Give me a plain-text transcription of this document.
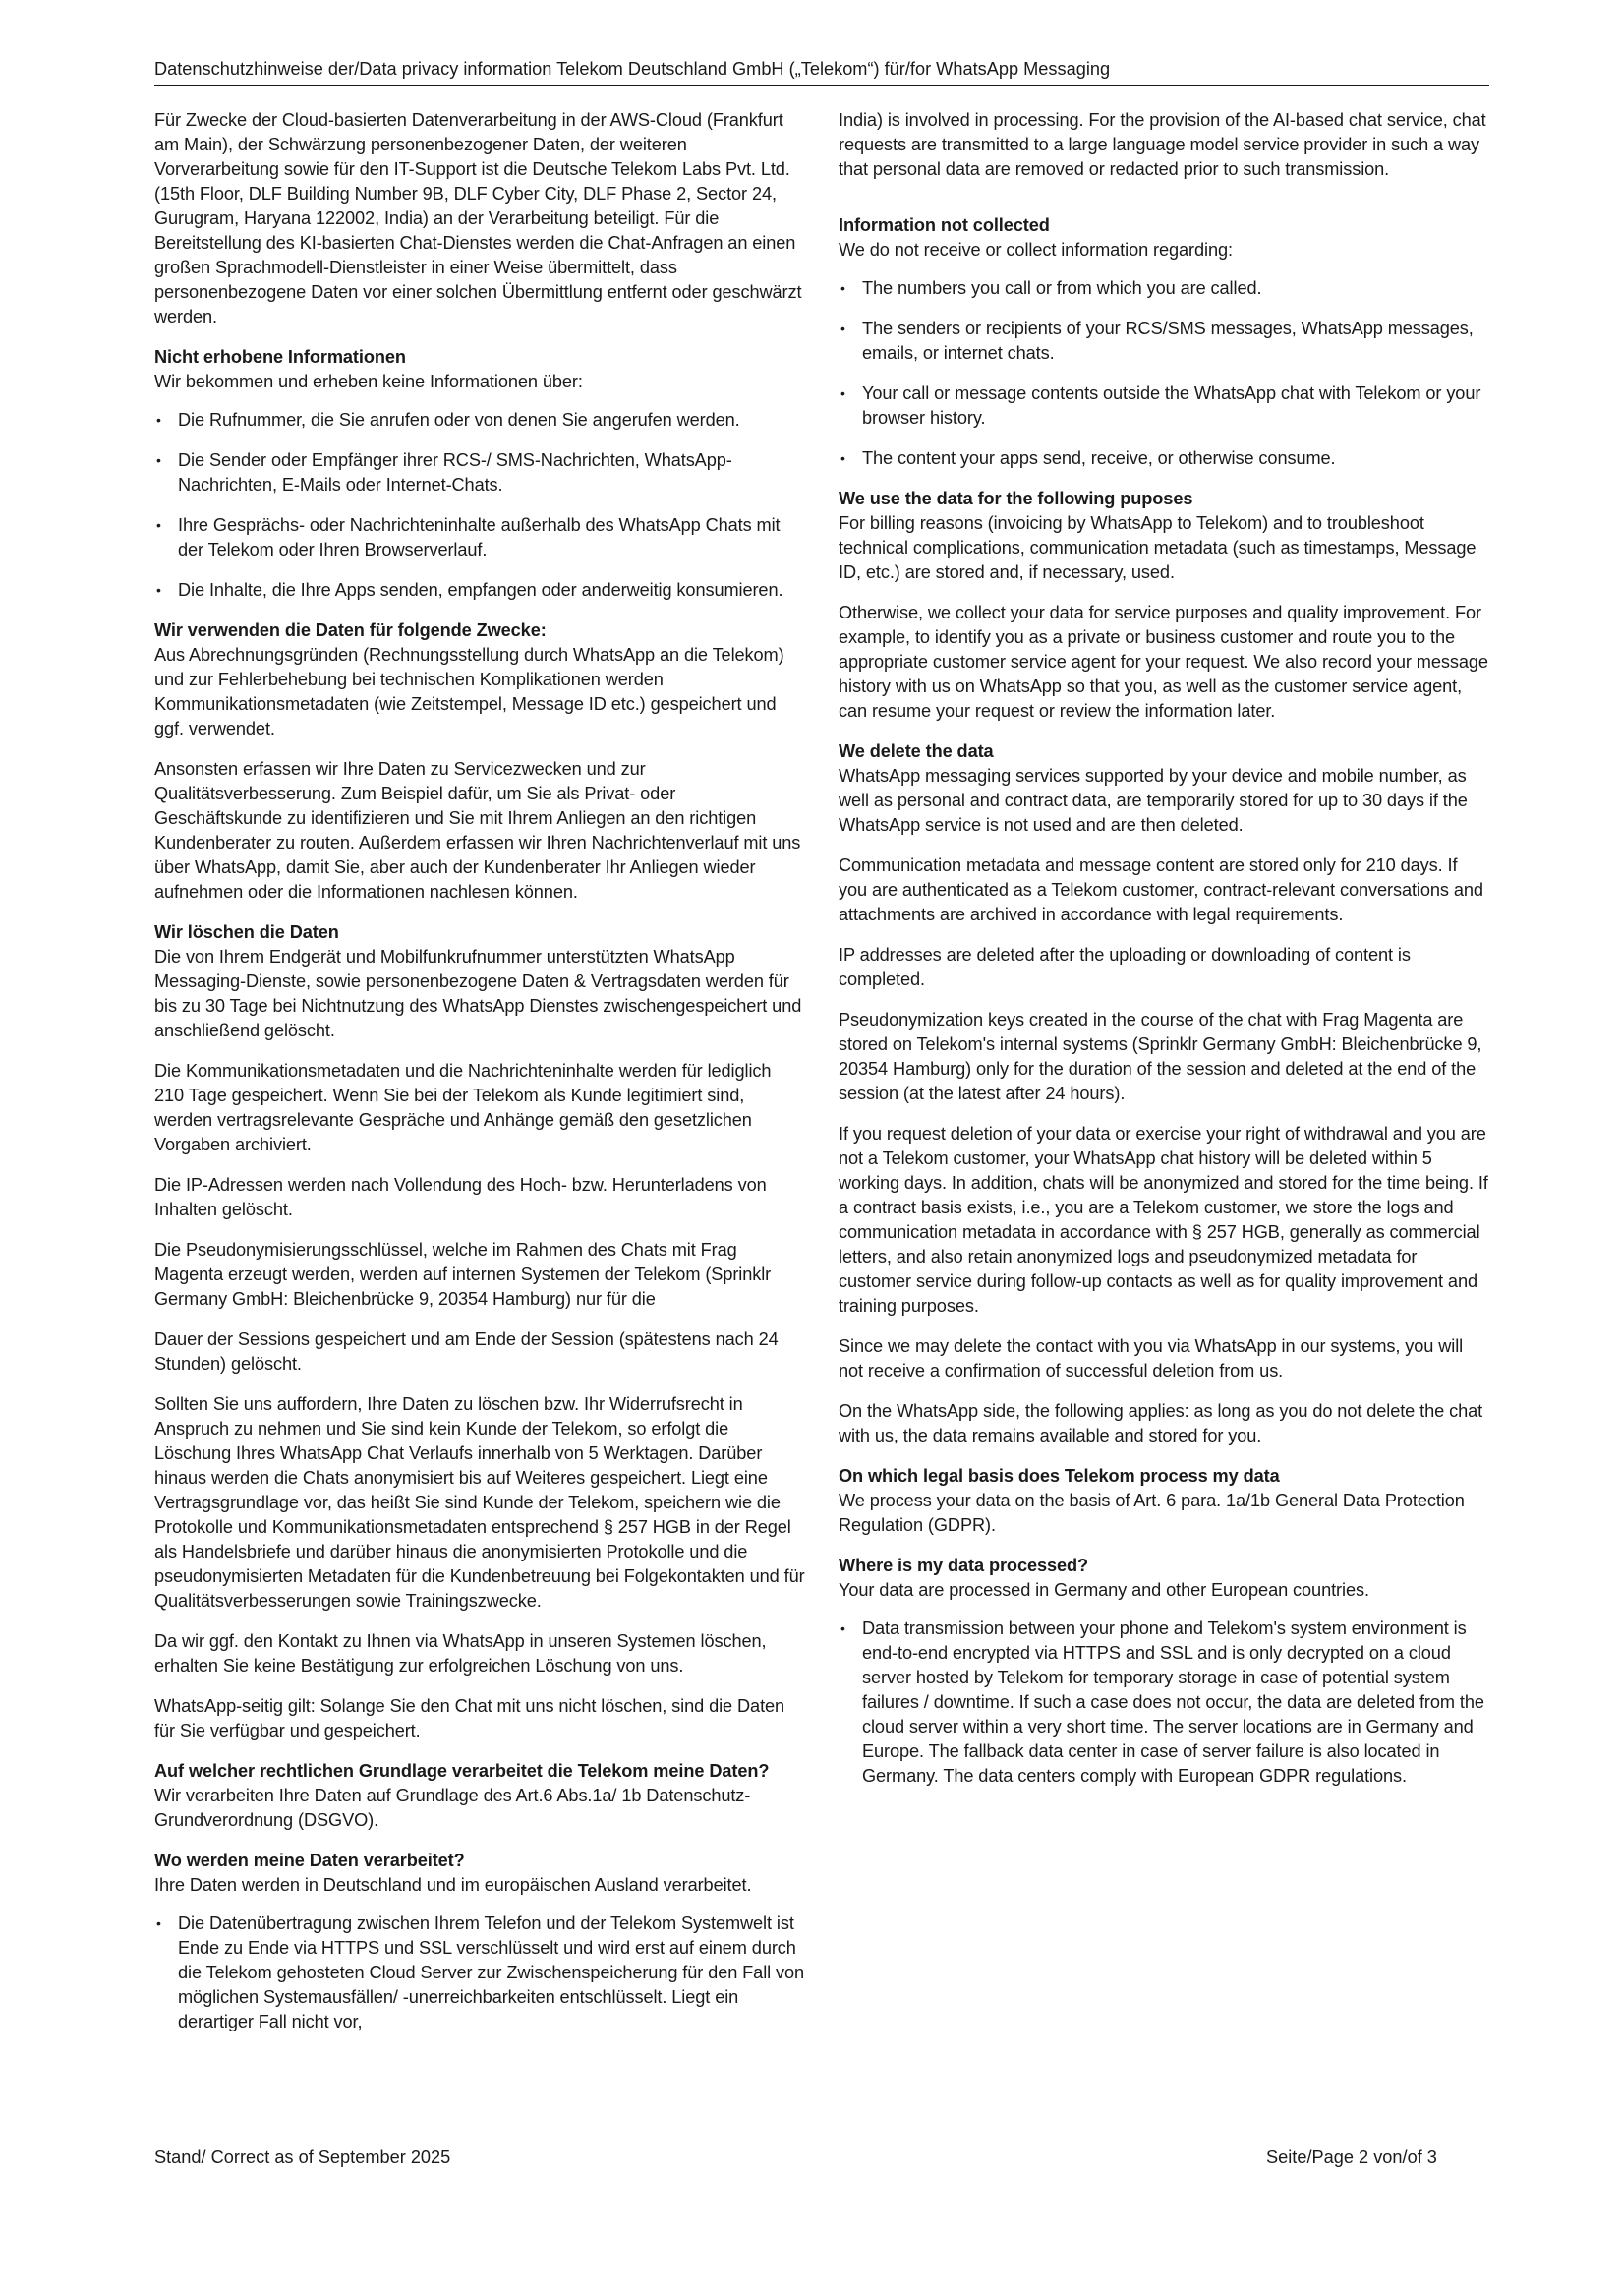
Datenschutzhinweise der/Data privacy information Telekom Deutschland GmbH („Telekom“) für/for WhatsApp Messaging

Für Zwecke der Cloud-basierten Datenverarbeitung in der AWS-Cloud (Frankfurt am Main), der Schwärzung personenbezogener Daten, der weiteren Vorverarbeitung sowie für den IT-Support ist die Deutsche Telekom Labs Pvt. Ltd. (15th Floor, DLF Building Number 9B, DLF Cyber City, DLF Phase 2, Sector 24, Gurugram, Haryana 122002, India) an der Verarbeitung beteiligt. Für die Bereitstellung des KI-basierten Chat-Dienstes werden die Chat-Anfragen an einen großen Sprachmodell-Dienstleister in einer Weise übermittelt, dass personenbezogene Daten vor einer solchen Übermittlung entfernt oder geschwärzt werden.

Nicht erhobene Informationen

Wir bekommen und erheben keine Informationen über:

• Die Rufnummer, die Sie anrufen oder von denen Sie angerufen werden.
• Die Sender oder Empfänger ihrer RCS-/ SMS-Nachrichten, WhatsApp-Nachrichten, E-Mails oder Internet-Chats.
• Ihre Gesprächs- oder Nachrichteninhalte außerhalb des WhatsApp Chats mit der Telekom oder Ihren Browserverlauf.
• Die Inhalte, die Ihre Apps senden, empfangen oder anderweitig konsumieren.
Wir verwenden die Daten für folgende Zwecke:

Aus Abrechnungsgründen (Rechnungsstellung durch WhatsApp an die Telekom) und zur Fehlerbehebung bei technischen Komplikationen werden Kommunikationsmetadaten (wie Zeitstempel, Message ID etc.) gespeichert und ggf. verwendet.

Ansonsten erfassen wir Ihre Daten zu Servicezwecken und zur Qualitätsverbesserung. Zum Beispiel dafür, um Sie als Privat- oder Geschäftskunde zu identifizieren und Sie mit Ihrem Anliegen an den richtigen Kundenberater zu routen. Außerdem erfassen wir Ihren Nachrichtenverlauf mit uns über WhatsApp, damit Sie, aber auch der Kundenberater Ihr Anliegen wieder aufnehmen oder die Informationen nachlesen können.

Wir löschen die Daten

Die von Ihrem Endgerät und Mobilfunkrufnummer unterstützten WhatsApp Messaging-Dienste, sowie personenbezogene Daten & Vertragsdaten werden für bis zu 30 Tage bei Nichtnutzung des WhatsApp Dienstes zwischengespeichert und anschließend gelöscht.

Die Kommunikationsmetadaten und die Nachrichteninhalte werden für lediglich 210 Tage gespeichert. Wenn Sie bei der Telekom als Kunde legitimiert sind, werden vertragsrelevante Gespräche und Anhänge gemäß den gesetzlichen Vorgaben archiviert.

Die IP-Adressen werden nach Vollendung des Hoch- bzw. Herunterladens von Inhalten gelöscht.

Die Pseudonymisierungsschlüssel, welche im Rahmen des Chats mit Frag Magenta erzeugt werden, werden auf internen Systemen der Telekom (Sprinklr Germany GmbH: Bleichenbrücke 9, 20354 Hamburg) nur für die

Dauer der Sessions gespeichert und am Ende der Session (spätestens nach 24 Stunden) gelöscht.

Sollten Sie uns auffordern, Ihre Daten zu löschen bzw. Ihr Widerrufsrecht in Anspruch zu nehmen und Sie sind kein Kunde der Telekom, so erfolgt die Löschung Ihres WhatsApp Chat Verlaufs innerhalb von 5 Werktagen. Darüber hinaus werden die Chats anonymisiert bis auf Weiteres gespeichert. Liegt eine Vertragsgrundlage vor, das heißt Sie sind Kunde der Telekom, speichern wie die Protokolle und Kommunikationsmetadaten entsprechend § 257 HGB in der Regel als Handelsbriefe und darüber hinaus die anonymisierten Protokolle und die pseudonymisierten Metadaten für die Kundenbetreuung bei Folgekontakten und für Qualitätsverbesserungen sowie Trainingszwecke.

Da wir ggf. den Kontakt zu Ihnen via WhatsApp in unseren Systemen löschen, erhalten Sie keine Bestätigung zur erfolgreichen Löschung von uns.

WhatsApp-seitig gilt: Solange Sie den Chat mit uns nicht löschen, sind die Daten für Sie verfügbar und gespeichert.

Auf welcher rechtlichen Grundlage verarbeitet die Telekom meine Daten?

Wir verarbeiten Ihre Daten auf Grundlage des Art.6 Abs.1a/ 1b Datenschutz-Grundverordnung (DSGVO).

Wo werden meine Daten verarbeitet?

Ihre Daten werden in Deutschland und im europäischen Ausland verarbeitet.

• Die Datenübertragung zwischen Ihrem Telefon und der Telekom Systemwelt ist Ende zu Ende via HTTPS und SSL verschlüsselt und wird erst auf einem durch die Telekom gehosteten Cloud Server zur Zwischenspeicherung für den Fall von möglichen Systemausfällen/ -unerreichbarkeiten entschlüsselt. Liegt ein derartiger Fall nicht vor,

India) is involved in processing. For the provision of the AI-based chat service, chat requests are transmitted to a large language model service provider in such a way that personal data are removed or redacted prior to such transmission.

Information not collected

We do not receive or collect information regarding:

• The numbers you call or from which you are called.
• The senders or recipients of your RCS/SMS messages, WhatsApp messages, emails, or internet chats.
• Your call or message contents outside the WhatsApp chat with Telekom or your browser history.
• The content your apps send, receive, or otherwise consume.
We use the data for the following puposes

For billing reasons (invoicing by WhatsApp to Telekom) and to troubleshoot technical complications, communication metadata (such as timestamps, Message ID, etc.) are stored and, if necessary, used.

Otherwise, we collect your data for service purposes and quality improvement. For example, to identify you as a private or business customer and route you to the appropriate customer service agent for your request. We also record your message history with us on WhatsApp so that you, as well as the customer service agent, can resume your request or review the information later.

We delete the data

WhatsApp messaging services supported by your device and mobile number, as well as personal and contract data, are temporarily stored for up to 30 days if the WhatsApp service is not used and are then deleted.

Communication metadata and message content are stored only for 210 days. If you are authenticated as a Telekom customer, contract-relevant conversations and attachments are archived in accordance with legal requirements.

IP addresses are deleted after the uploading or downloading of content is completed.

Pseudonymization keys created in the course of the chat with Frag Magenta are stored on Telekom's internal systems (Sprinklr Germany GmbH: Bleichenbrücke 9, 20354 Hamburg) only for the duration of the session and deleted at the end of the session (at the latest after 24 hours).

If you request deletion of your data or exercise your right of withdrawal and you are not a Telekom customer, your WhatsApp chat history will be deleted within 5 working days. In addition, chats will be anonymized and stored for the time being. If a contract basis exists, i.e., you are a Telekom customer, we store the logs and communication metadata in accordance with § 257 HGB, generally as commercial letters, and also retain anonymized logs and pseudonymized metadata for customer service during follow-up contacts as well as for quality improvement and training purposes.

Since we may delete the contact with you via WhatsApp in our systems, you will not receive a confirmation of successful deletion from us.

On the WhatsApp side, the following applies: as long as you do not delete the chat with us, the data remains available and stored for you.

On which legal basis does Telekom process my data

We process your data on the basis of Art. 6 para. 1a/1b General Data Protection Regulation (GDPR).

Where is my data processed?

Your data are processed in Germany and other European countries.

• Data transmission between your phone and Telekom's system environment is end-to-end encrypted via HTTPS and SSL and is only decrypted on a cloud server hosted by Telekom for temporary storage in case of potential system failures / downtime. If such a case does not occur, the data are deleted from the cloud server within a very short time. The server locations are in Germany and Europe. The fallback data center in case of server failure is also located in Germany. The data centers comply with European GDPR regulations.
Stand/ Correct as of September 2025	Seite/Page 2 von/of 3
